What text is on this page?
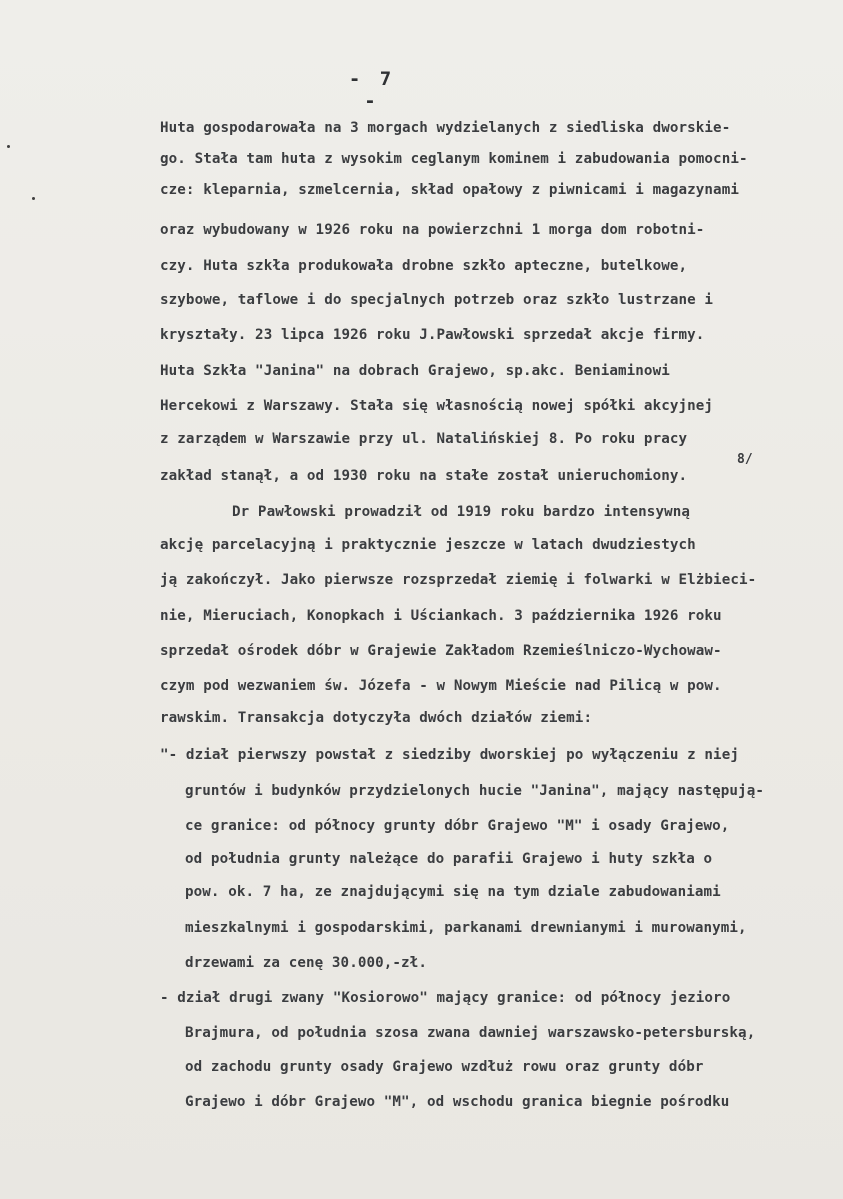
- 7 -
Huta gospodarowała na 3 morgach wydzielanych z siedliska dworskie-
go. Stała tam huta z wysokim ceglanym kominem i zabudowania pomocni-
cze: kleparnia, szmelcernia, skład opałowy z piwnicami i magazynami
oraz wybudowany w 1926 roku na powierzchni 1 morga dom robotni-
czy. Huta szkła produkowała drobne szkło apteczne, butelkowe,
szybowe, taflowe i do specjalnych potrzeb oraz szkło lustrzane i
kryształy. 23 lipca 1926 roku J.Pawłowski sprzedał akcje firmy.
Huta Szkła "Janina" na dobrach Grajewo, sp.akc. Beniaminowi
Hercekowi z Warszawy. Stała się własnością nowej spółki akcyjnej
z zarządem w Warszawie przy ul. Natalińskiej 8. Po roku pracy
zakład stanął, a od 1930 roku na stałe został unieruchomiony.
8/
Dr Pawłowski prowadził od 1919 roku bardzo intensywną
akcję parcelacyjną i praktycznie jeszcze w latach dwudziestych
ją zakończył. Jako pierwsze rozsprzedał ziemię i folwarki w Elżbieci-
nie, Mieruciach, Konopkach i Uściankach. 3 października 1926 roku
sprzedał ośrodek dóbr w Grajewie Zakładom Rzemieślniczo-Wychowaw-
czym pod wezwaniem św. Józefa - w Nowym Mieście nad Pilicą w pow.
rawskim. Transakcja dotyczyła dwóch działów ziemi:
"- dział pierwszy powstał z siedziby dworskiej po wyłączeniu z niej
gruntów i budynków przydzielonych hucie "Janina", mający następują-
ce granice: od północy grunty dóbr Grajewo "M" i osady Grajewo,
od południa grunty należące do parafii Grajewo i huty szkła o
pow. ok. 7 ha, ze znajdującymi się na tym dziale zabudowaniami
mieszkalnymi i gospodarskimi, parkanami drewnianymi i murowanymi,
drzewami za cenę 30.000,-zł.
- dział drugi zwany "Kosiorowo" mający granice: od północy jezioro
Brajmura, od południa szosa zwana dawniej warszawsko-petersburską,
od zachodu grunty osady Grajewo wzdłuż rowu oraz grunty dóbr
Grajewo i dóbr Grajewo "M", od wschodu granica biegnie pośrodku
